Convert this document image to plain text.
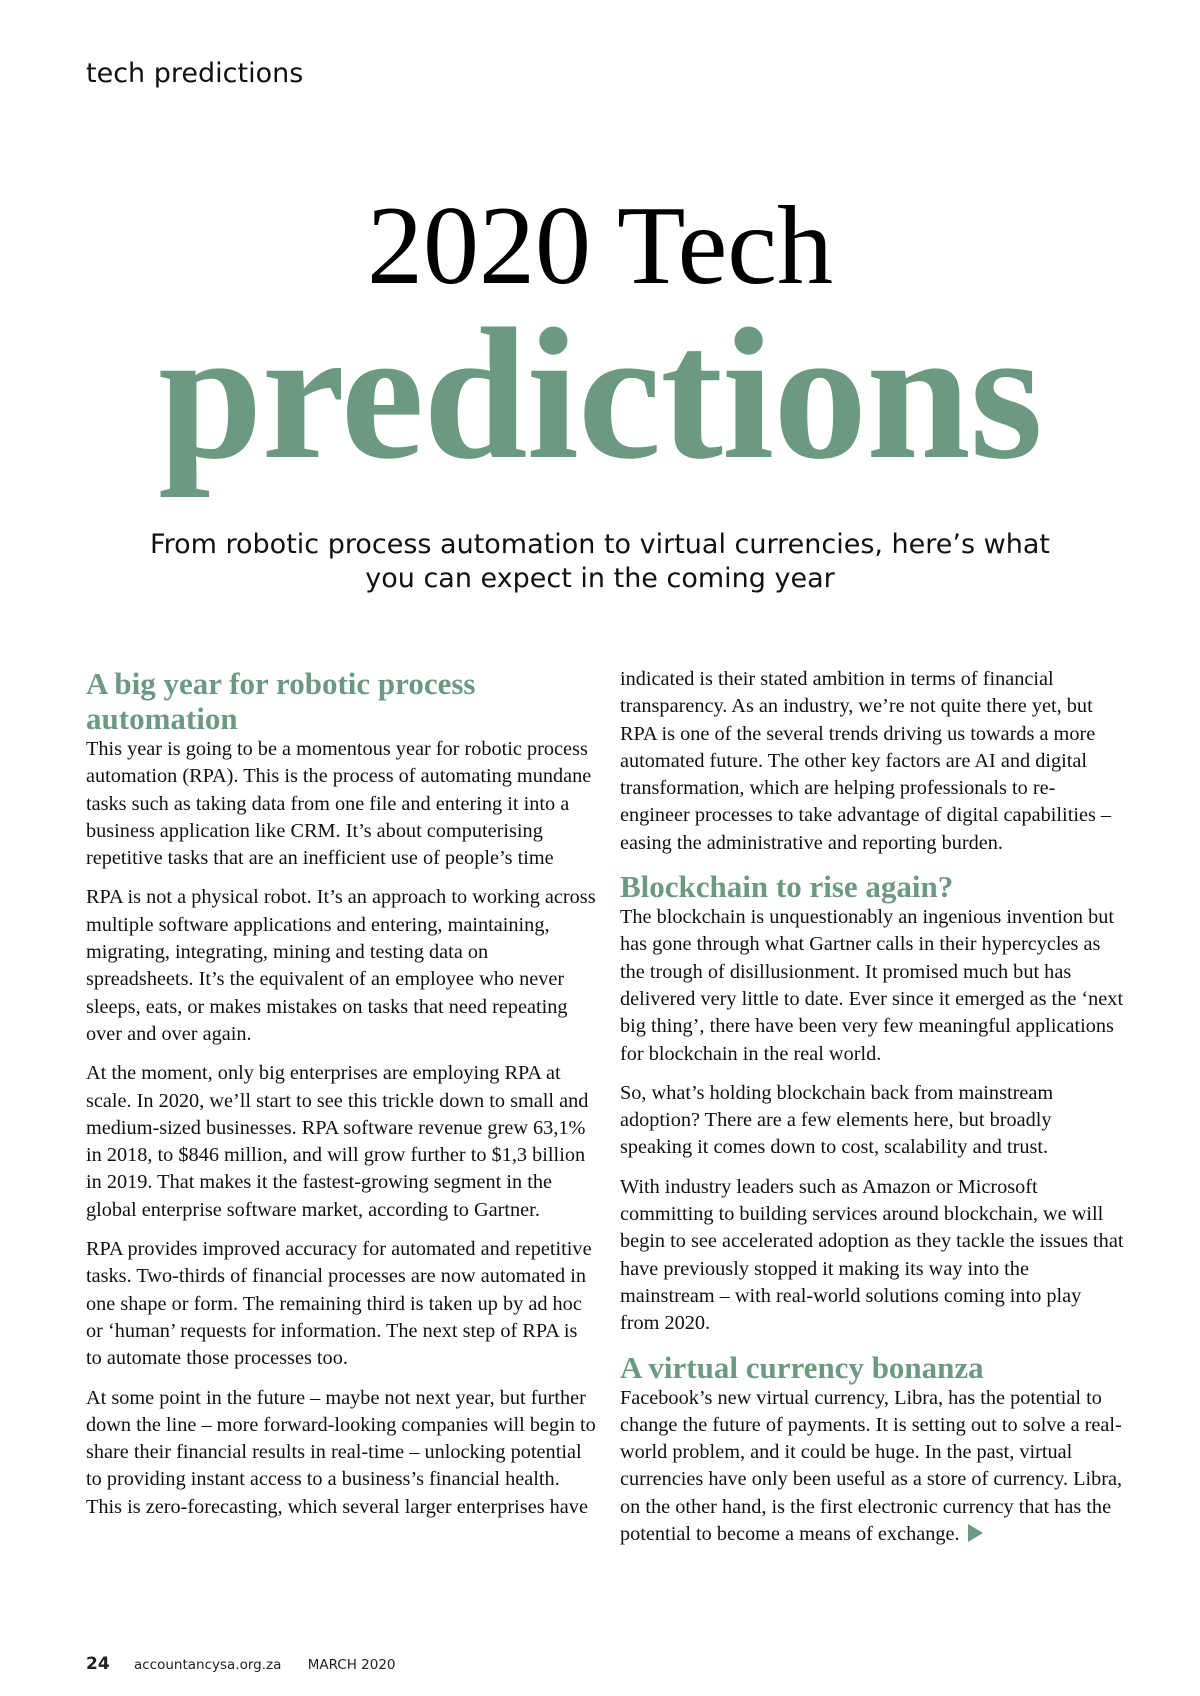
tech predictions
2020 Tech
predictions
From robotic process automation to virtual currencies, here’s what you can expect in the coming year
A big year for robotic process automation

This year is going to be a momentous year for robotic process automation (RPA). This is the process of automating mundane tasks such as taking data from one file and entering it into a business application like CRM. It’s about computerising repetitive tasks that are an inefficient use of people’s time

RPA is not a physical robot. It’s an approach to working across multiple software applications and entering, maintaining, migrating, integrating, mining and testing data on spreadsheets. It’s the equivalent of an employee who never sleeps, eats, or makes mistakes on tasks that need repeating over and over again.

At the moment, only big enterprises are employing RPA at scale. In 2020, we’ll start to see this trickle down to small and medium-sized businesses. RPA software revenue grew 63,1% in 2018, to $846 million, and will grow further to $1,3 billion in 2019. That makes it the fastest-growing segment in the global enterprise software market, according to Gartner.

RPA provides improved accuracy for automated and repetitive tasks. Two-thirds of financial processes are now automated in one shape or form. The remaining third is taken up by ad hoc or ‘human’ requests for information. The next step of RPA is to automate those processes too.

At some point in the future – maybe not next year, but further down the line – more forward-looking companies will begin to share their financial results in real-time – unlocking potential to providing instant access to a business’s financial health. This is zero-forecasting, which several larger enterprises have

indicated is their stated ambition in terms of financial transparency. As an industry, we’re not quite there yet, but RPA is one of the several trends driving us towards a more automated future. The other key factors are AI and digital transformation, which are helping professionals to re-engineer processes to take advantage of digital capabilities – easing the administrative and reporting burden.

Blockchain to rise again?

The blockchain is unquestionably an ingenious invention but has gone through what Gartner calls in their hypercycles as the trough of disillusionment. It promised much but has delivered very little to date. Ever since it emerged as the ‘next big thing’, there have been very few meaningful applications for blockchain in the real world.

So, what’s holding blockchain back from mainstream adoption? There are a few elements here, but broadly speaking it comes down to cost, scalability and trust.

With industry leaders such as Amazon or Microsoft committing to building services around blockchain, we will begin to see accelerated adoption as they tackle the issues that have previously stopped it making its way into the mainstream – with real-world solutions coming into play from 2020.

A virtual currency bonanza

Facebook’s new virtual currency, Libra, has the potential to change the future of payments. It is setting out to solve a real-world problem, and it could be huge. In the past, virtual currencies have only been useful as a store of currency. Libra, on the other hand, is the first electronic currency that has the potential to become a means of exchange.

24 accountancysa.org.za MARCH 2020
